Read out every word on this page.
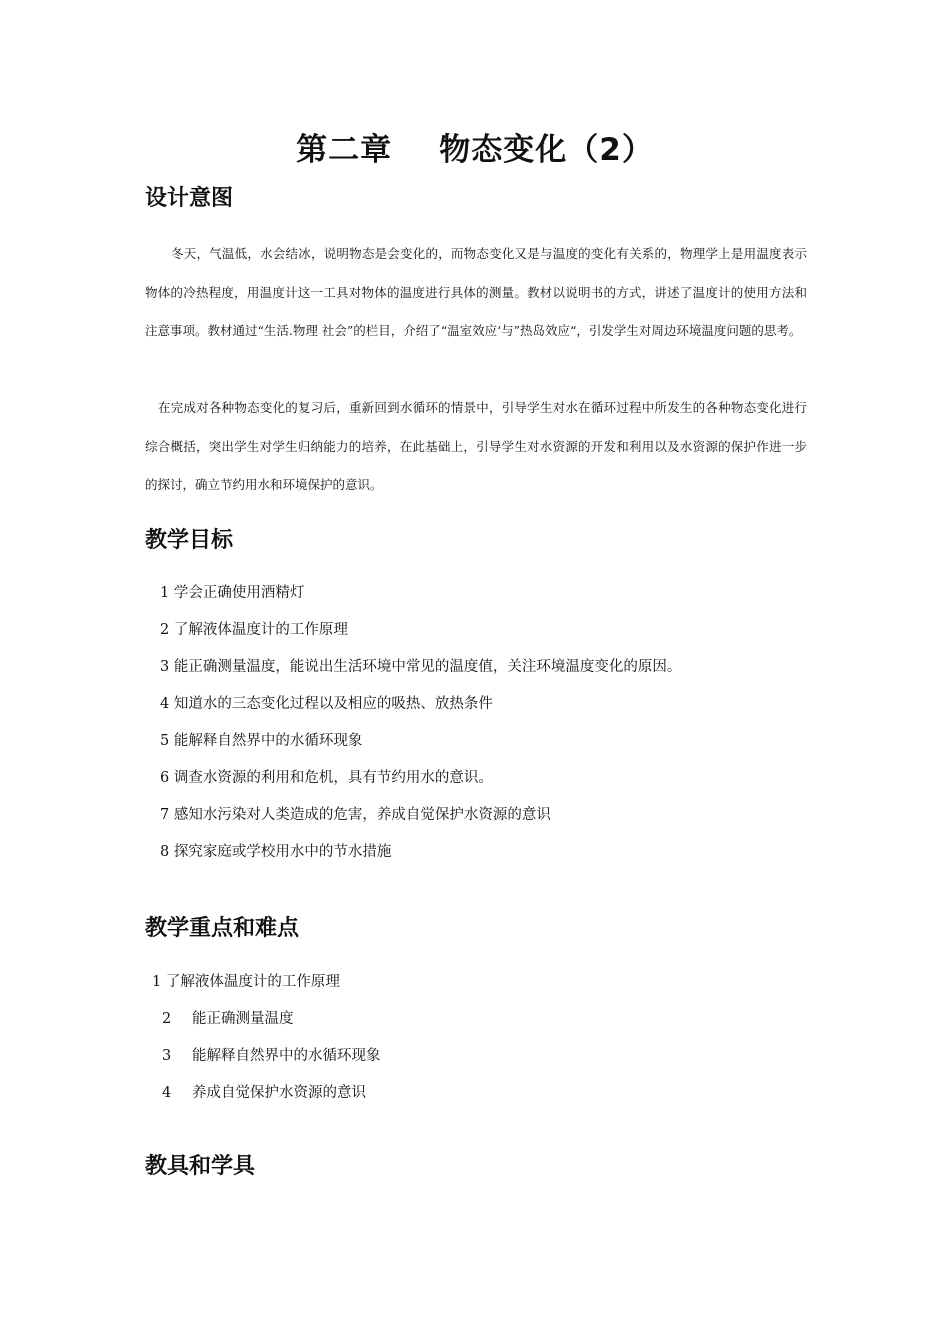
第二章    物态变化（2）
设计意图

冬天，气温低，水会结冰，说明物态是会变化的，而物态变化又是与温度的变化有关系的，物理学上是用温度表示物体的冷热程度，用温度计这一工具对物体的温度进行具体的测量。教材以说明书的方式，讲述了温度计的使用方法和注意事项。教材通过“生活.物理 社会”的栏目，介绍了“温室效应‘与”热岛效应“，引发学生对周边环境温度问题的思考。

在完成对各种物态变化的复习后，重新回到水循环的情景中，引导学生对水在循环过程中所发生的各种物态变化进行综合概括，突出学生对学生归纳能力的培养，在此基础上，引导学生对水资源的开发和利用以及水资源的保护作进一步的探讨，确立节约用水和环境保护的意识。

教学目标
1 学会正确使用酒精灯
2 了解液体温度计的工作原理
3 能正确测量温度，能说出生活环境中常见的温度值，关注环境温度变化的原因。
4 知道水的三态变化过程以及相应的吸热、放热条件
5 能解释自然界中的水循环现象
6 调查水资源的利用和危机，具有节约用水的意识。
7 感知水污染对人类造成的危害，养成自觉保护水资源的意识
8 探究家庭或学校用水中的节水措施
教学重点和难点
1 了解液体温度计的工作原理
2 能正确测量温度
3 能解释自然界中的水循环现象
4 养成自觉保护水资源的意识
教具和学具
